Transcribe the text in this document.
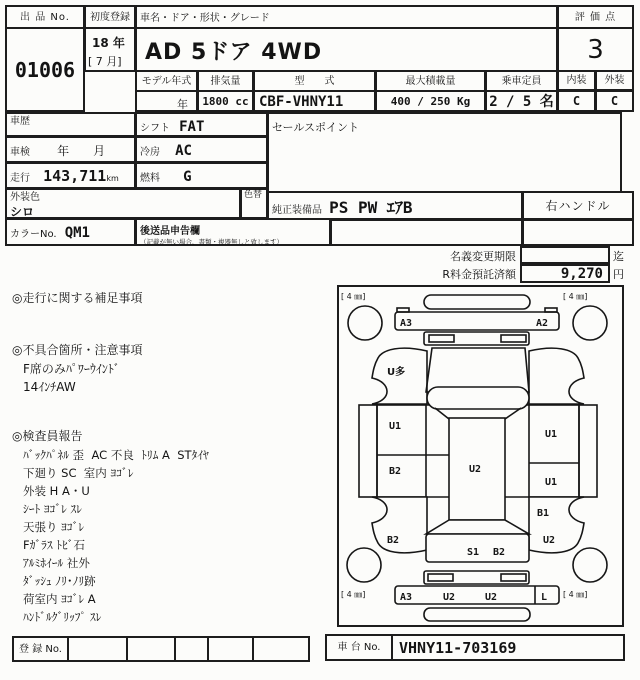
出 品 No.
01006
初度登録
18 年
[ 7 月]
車名・ドア・形状・グレード
AD 5ドア 4WD
評 価 点
3
モデル年式	排気量	型　　式	最大積載量	乗車定員
年	1800 cc CBF-VHNY11	400 / 250 Kg	2 / 5 名
内装	外装
C	C
車歴
シフト FAT
車検 年　　月	冷房 AC
走行 143,711km	燃料 G
外装色
シロ
色替
カラーNo. QM1	後送品申告欄
（記載が無い場合、書類・複器無しと致します）
セールスポイント
純正装備品 PS PW ｴｱB	右ハンドル
名義変更期限	迄
R料金預託済額	9,270 円
◎走行に関する補足事項
◎不具合箇所・注意事項
F席のみﾊﾟﾜｰｳｲﾝﾄﾞ
14ｲﾝﾁAW
◎検査員報告
ﾊﾞｯｸﾊﾟﾈﾙ 歪  AC 不良  ﾄﾘﾑ A  STﾀｲﾔ
下廻り SC  室内 ﾖｺﾞﾚ
外装 H A・U
ｼｰﾄ ﾖｺﾞﾚ ｽﾚ
天張り ﾖｺﾞﾚ
Fｶﾞﾗｽ ﾄﾋﾞ石
ｱﾙﾐﾎｲｰﾙ 社外
ﾀﾞｯｼｭ ﾉﾘ･ﾉﾘ跡
荷室内 ﾖｺﾞﾚ A
ﾊﾝﾄﾞﾙｸﾞﾘｯﾌﾟ ｽﾚ
[ 4 ㎜]	[ 4 ㎜]
[ 4 ㎜]	[ 4 ㎜]
A3	A2
U多
U1
B2	U2
U1
U1
B1
B2	U2
S1 B2
A3	U2	U2	L
登 録 No.	車 台 No.	VHNY11-703169
